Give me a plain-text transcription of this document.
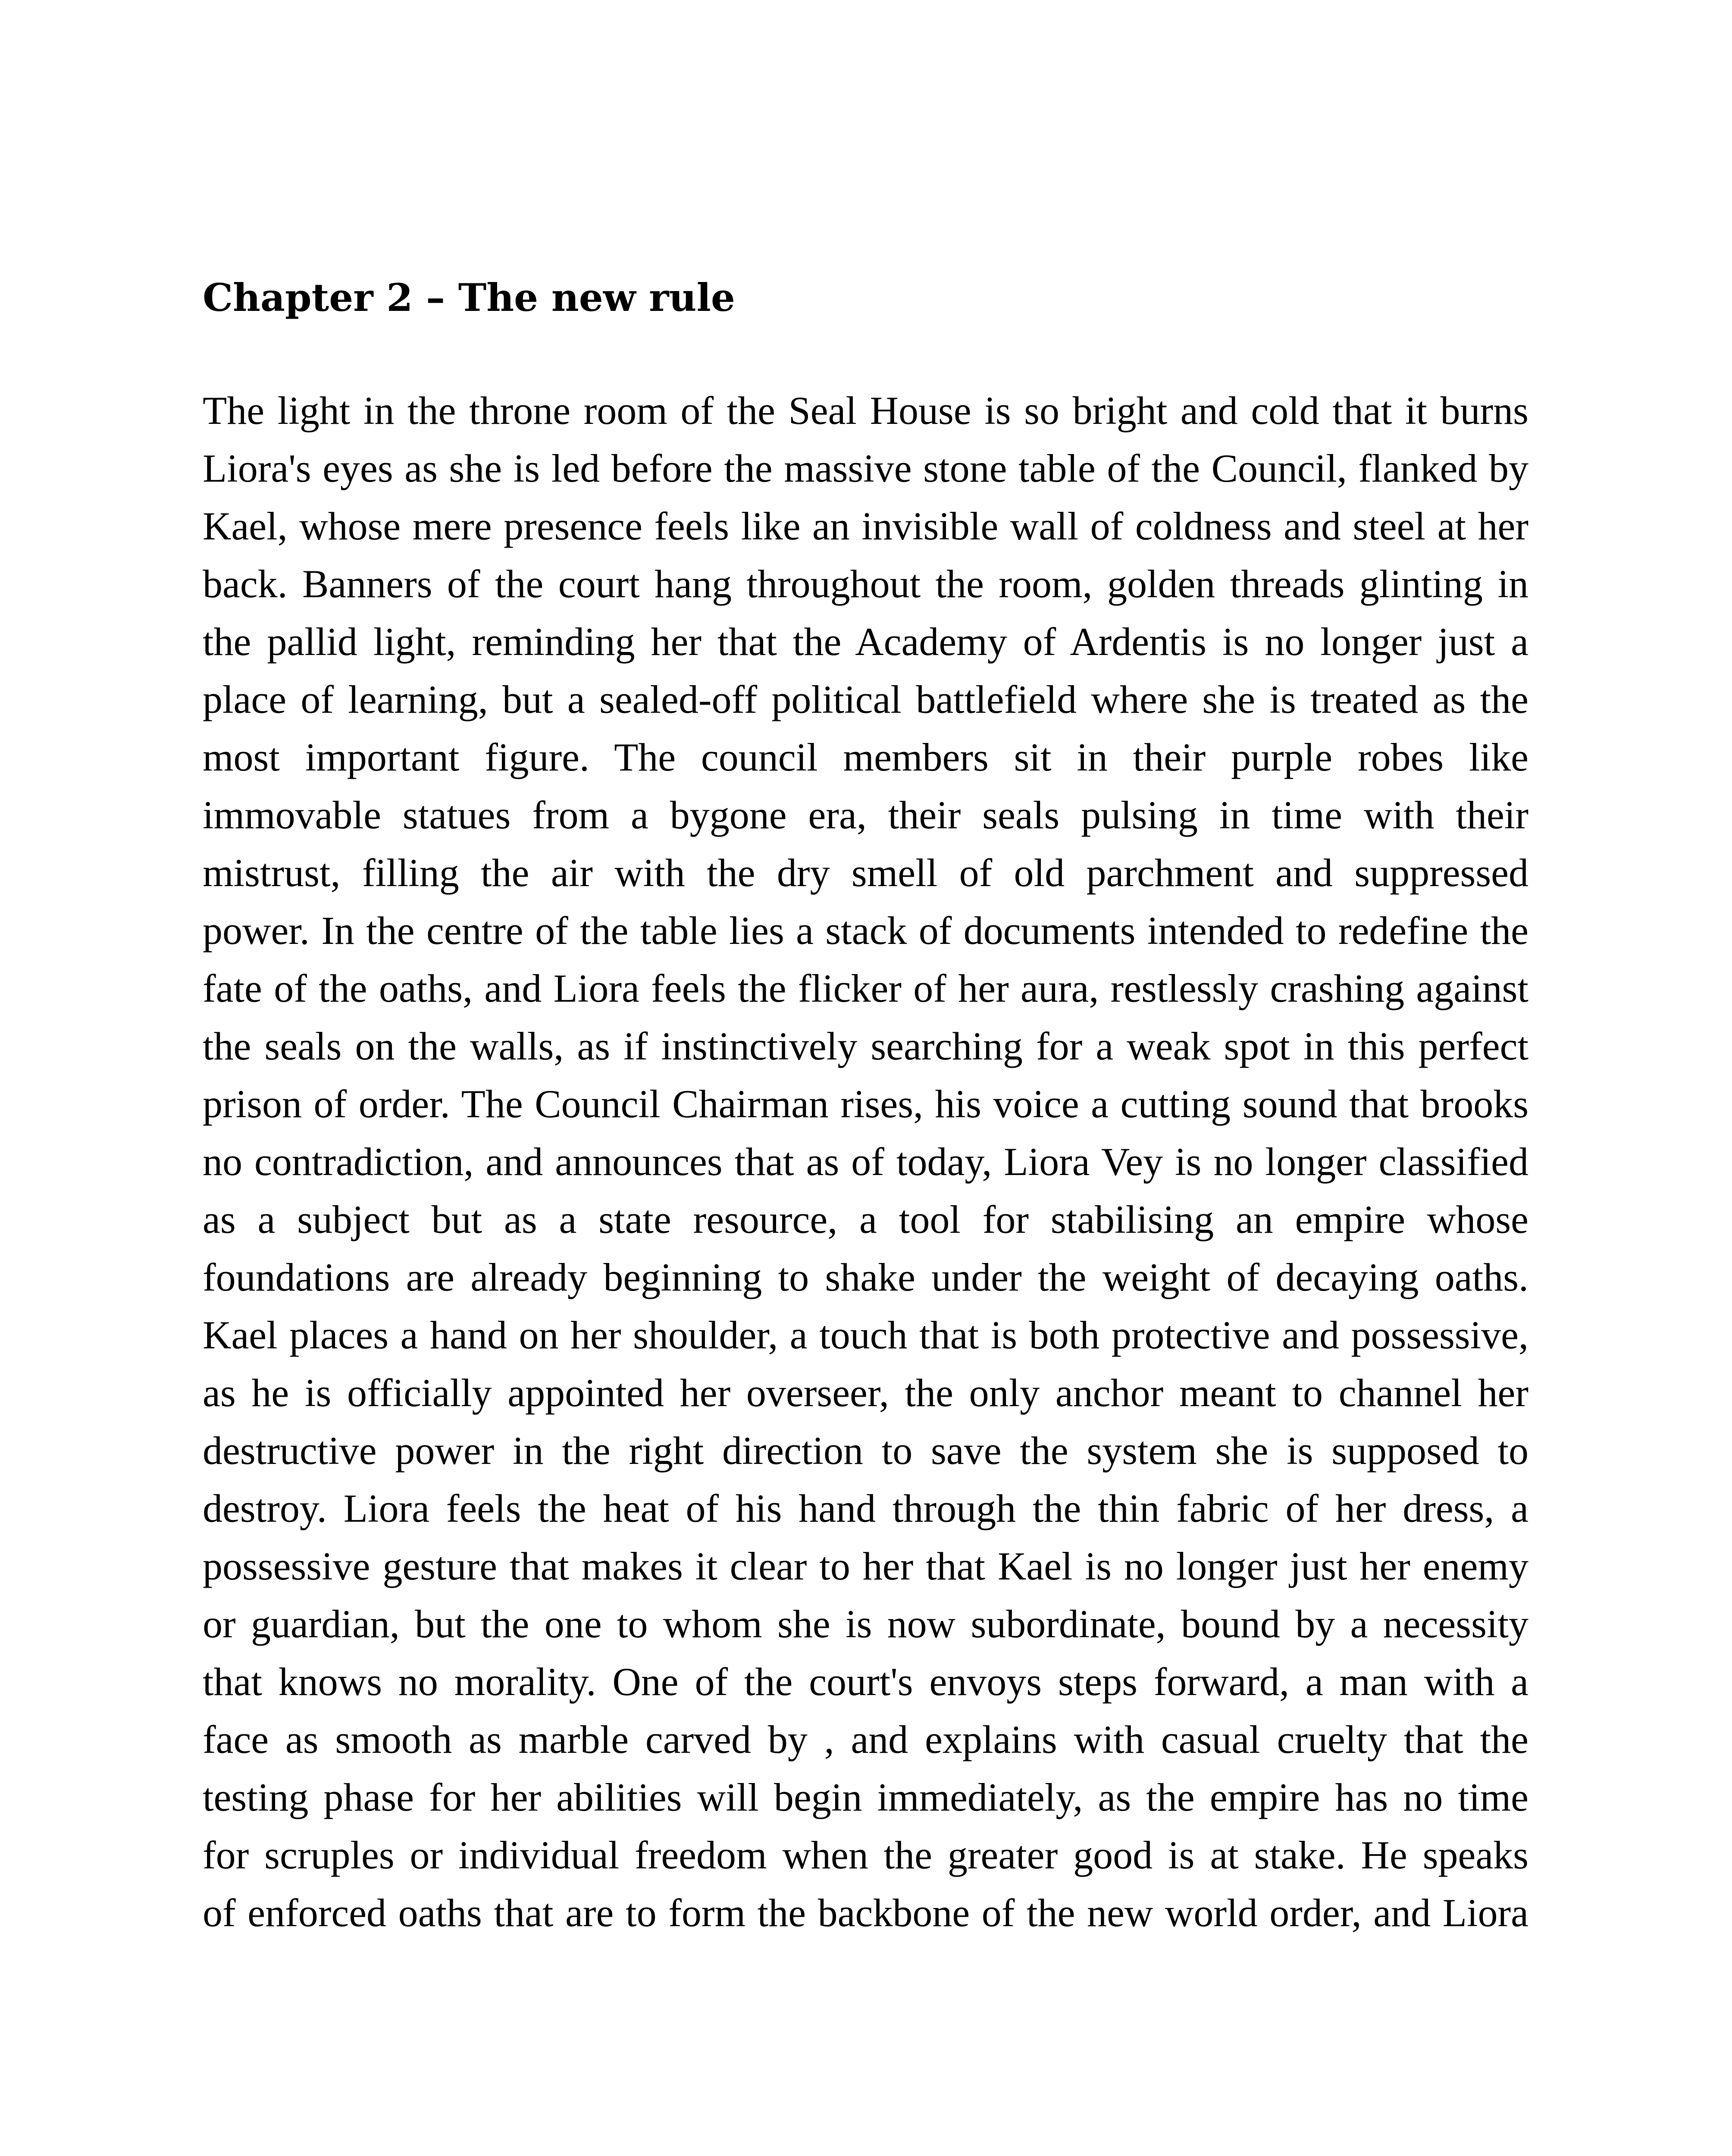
Chapter 2 – The new rule
The light in the throne room of the Seal House is so bright and cold that it burns
Liora's eyes as she is led before the massive stone table of the Council, flanked by
Kael, whose mere presence feels like an invisible wall of coldness and steel at her
back. Banners of the court hang throughout the room, golden threads glinting in
the pallid light, reminding her that the Academy of Ardentis is no longer just a
place of learning, but a sealed-off political battlefield where she is treated as the
most important figure. The council members sit in their purple robes like
immovable statues from a bygone era, their seals pulsing in time with their
mistrust, filling the air with the dry smell of old parchment and suppressed
power. In the centre of the table lies a stack of documents intended to redefine the
fate of the oaths, and Liora feels the flicker of her aura, restlessly crashing against
the seals on the walls, as if instinctively searching for a weak spot in this perfect
prison of order. The Council Chairman rises, his voice a cutting sound that brooks
no contradiction, and announces that as of today, Liora Vey is no longer classified
as a subject but as a state resource, a tool for stabilising an empire whose
foundations are already beginning to shake under the weight of decaying oaths.
Kael places a hand on her shoulder, a touch that is both protective and possessive,
as he is officially appointed her overseer, the only anchor meant to channel her
destructive power in the right direction to save the system she is supposed to
destroy. Liora feels the heat of his hand through the thin fabric of her dress, a
possessive gesture that makes it clear to her that Kael is no longer just her enemy
or guardian, but the one to whom she is now subordinate, bound by a necessity
that knows no morality. One of the court's envoys steps forward, a man with a
face as smooth as marble carved by , and explains with casual cruelty that the
testing phase for her abilities will begin immediately, as the empire has no time
for scruples or individual freedom when the greater good is at stake. He speaks
of enforced oaths that are to form the backbone of the new world order, and Liora
